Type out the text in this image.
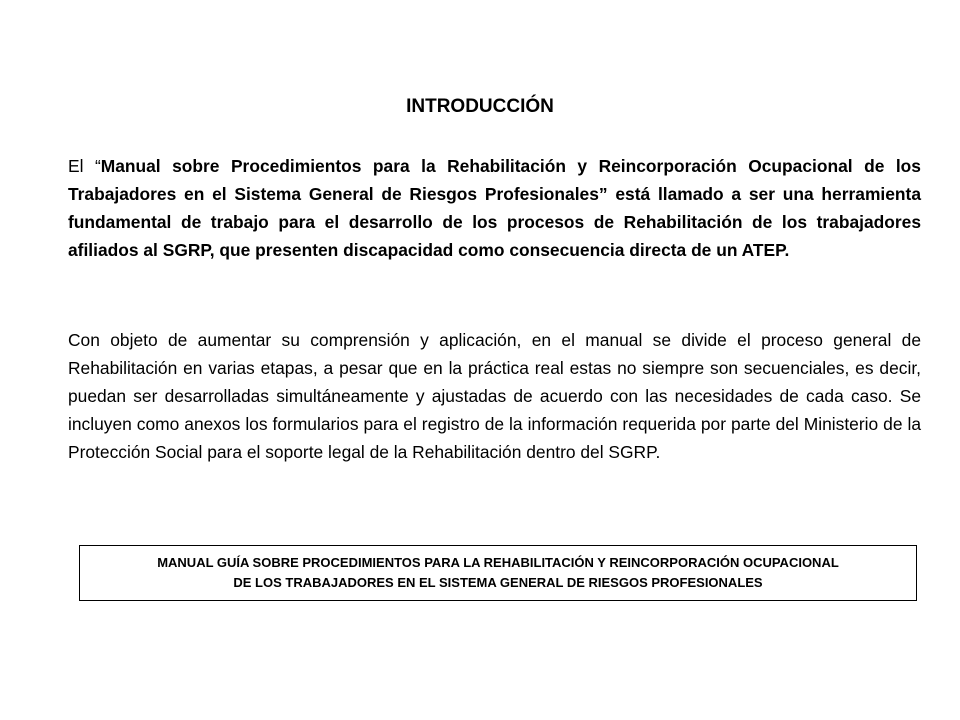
INTRODUCCIÓN

El “Manual sobre Procedimientos para la Rehabilitación y Reincorporación Ocupacional de los Trabajadores en el Sistema General de Riesgos Profesionales” está llamado a ser una herramienta fundamental de trabajo para el desarrollo de los procesos de Rehabilitación de los trabajadores afiliados al SGRP, que presenten discapacidad como consecuencia directa de un ATEP.

Con objeto de aumentar su comprensión y aplicación, en el manual se divide el proceso general de Rehabilitación en varias etapas, a pesar que en la práctica real estas no siempre son secuenciales, es decir, puedan ser desarrolladas simultáneamente y ajustadas de acuerdo con las necesidades de cada caso. Se incluyen como anexos los formularios para el registro de la información requerida por parte del Ministerio de la Protección Social para el soporte legal de la Rehabilitación dentro del SGRP.

MANUAL GUÍA SOBRE PROCEDIMIENTOS PARA LA REHABILITACIÓN Y REINCORPORACIÓN OCUPACIONAL
DE LOS TRABAJADORES EN EL SISTEMA GENERAL DE RIESGOS PROFESIONALES
